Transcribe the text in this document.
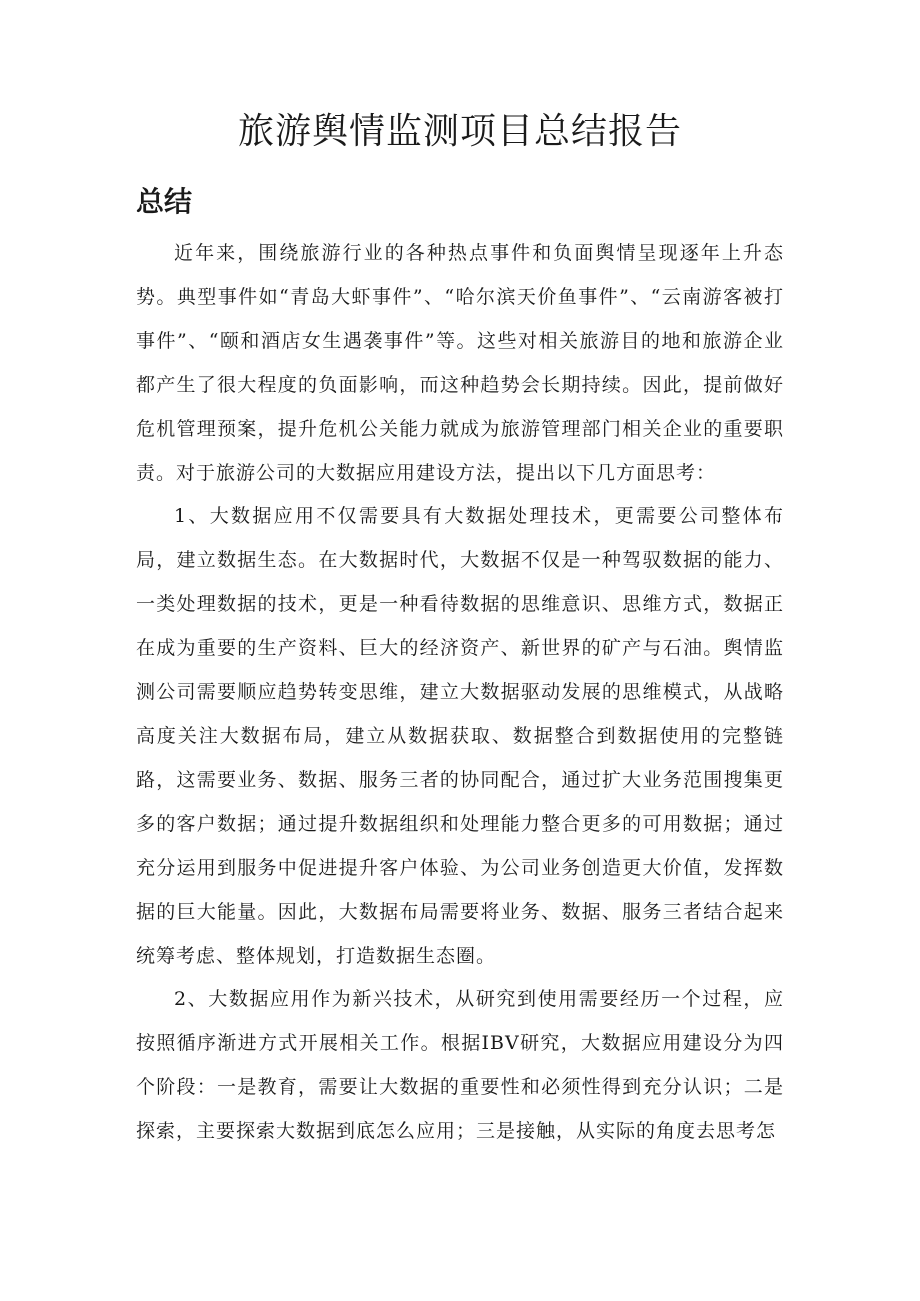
旅游舆情监测项目总结报告
总结

近年来，围绕旅游行业的各种热点事件和负面舆情呈现逐年上升态势。典型事件如“青岛大虾事件”、“哈尔滨天价鱼事件”、“云南游客被打事件”、“颐和酒店女生遇袭事件”等。这些对相关旅游目的地和旅游企业都产生了很大程度的负面影响，而这种趋势会长期持续。因此，提前做好危机管理预案，提升危机公关能力就成为旅游管理部门相关企业的重要职责。对于旅游公司的大数据应用建设方法，提出以下几方面思考：

1、大数据应用不仅需要具有大数据处理技术，更需要公司整体布局，建立数据生态。在大数据时代，大数据不仅是一种驾驭数据的能力、一类处理数据的技术，更是一种看待数据的思维意识、思维方式，数据正在成为重要的生产资料、巨大的经济资产、新世界的矿产与石油。舆情监测公司需要顺应趋势转变思维，建立大数据驱动发展的思维模式，从战略高度关注大数据布局，建立从数据获取、数据整合到数据使用的完整链路，这需要业务、数据、服务三者的协同配合，通过扩大业务范围搜集更多的客户数据；通过提升数据组织和处理能力整合更多的可用数据；通过充分运用到服务中促进提升客户体验、为公司业务创造更大价值，发挥数据的巨大能量。因此，大数据布局需要将业务、数据、服务三者结合起来统筹考虑、整体规划，打造数据生态圈。

2、大数据应用作为新兴技术，从研究到使用需要经历一个过程，应按照循序渐进方式开展相关工作。根据IBV研究，大数据应用建设分为四个阶段：一是教育，需要让大数据的重要性和必须性得到充分认识；二是探索，主要探索大数据到底怎么应用；三是接触，从实际的角度去思考怎
